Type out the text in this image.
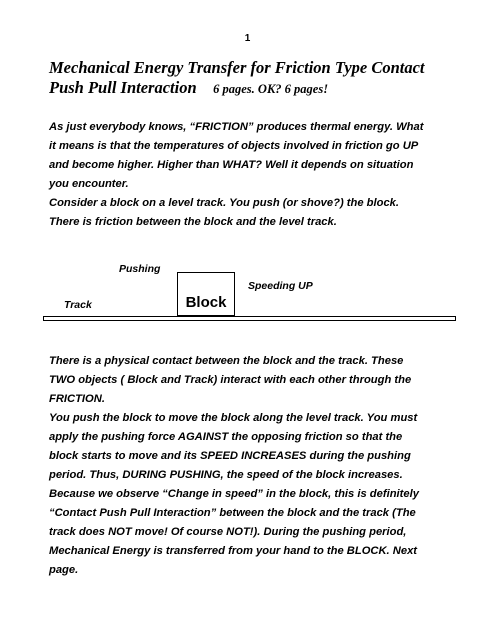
1
Mechanical Energy Transfer for Friction Type Contact
Push Pull Interaction 6 pages. OK? 6 pages!

As just everybody knows, “FRICTION” produces thermal energy. What
it means is that the temperatures of objects involved in friction go UP
and become higher. Higher than WHAT? Well it depends on situation
you encounter.
Consider a block on a level track. You push (or shove?) the block.
There is friction between the block and the level track.

Pushing
Block
Speeding UP
Track

There is a physical contact between the block and the track. These
TWO objects ( Block and Track) interact with each other through the
FRICTION.
You push the block to move the block along the level track. You must
apply the pushing force AGAINST the opposing friction so that the
block starts to move and its SPEED INCREASES during the pushing
period. Thus, DURING PUSHING, the speed of the block increases.
Because we observe “Change in speed” in the block, this is definitely
“Contact Push Pull Interaction” between the block and the track (The
track does NOT move! Of course NOT!). During the pushing period,
Mechanical Energy is transferred from your hand to the BLOCK. Next
page.
